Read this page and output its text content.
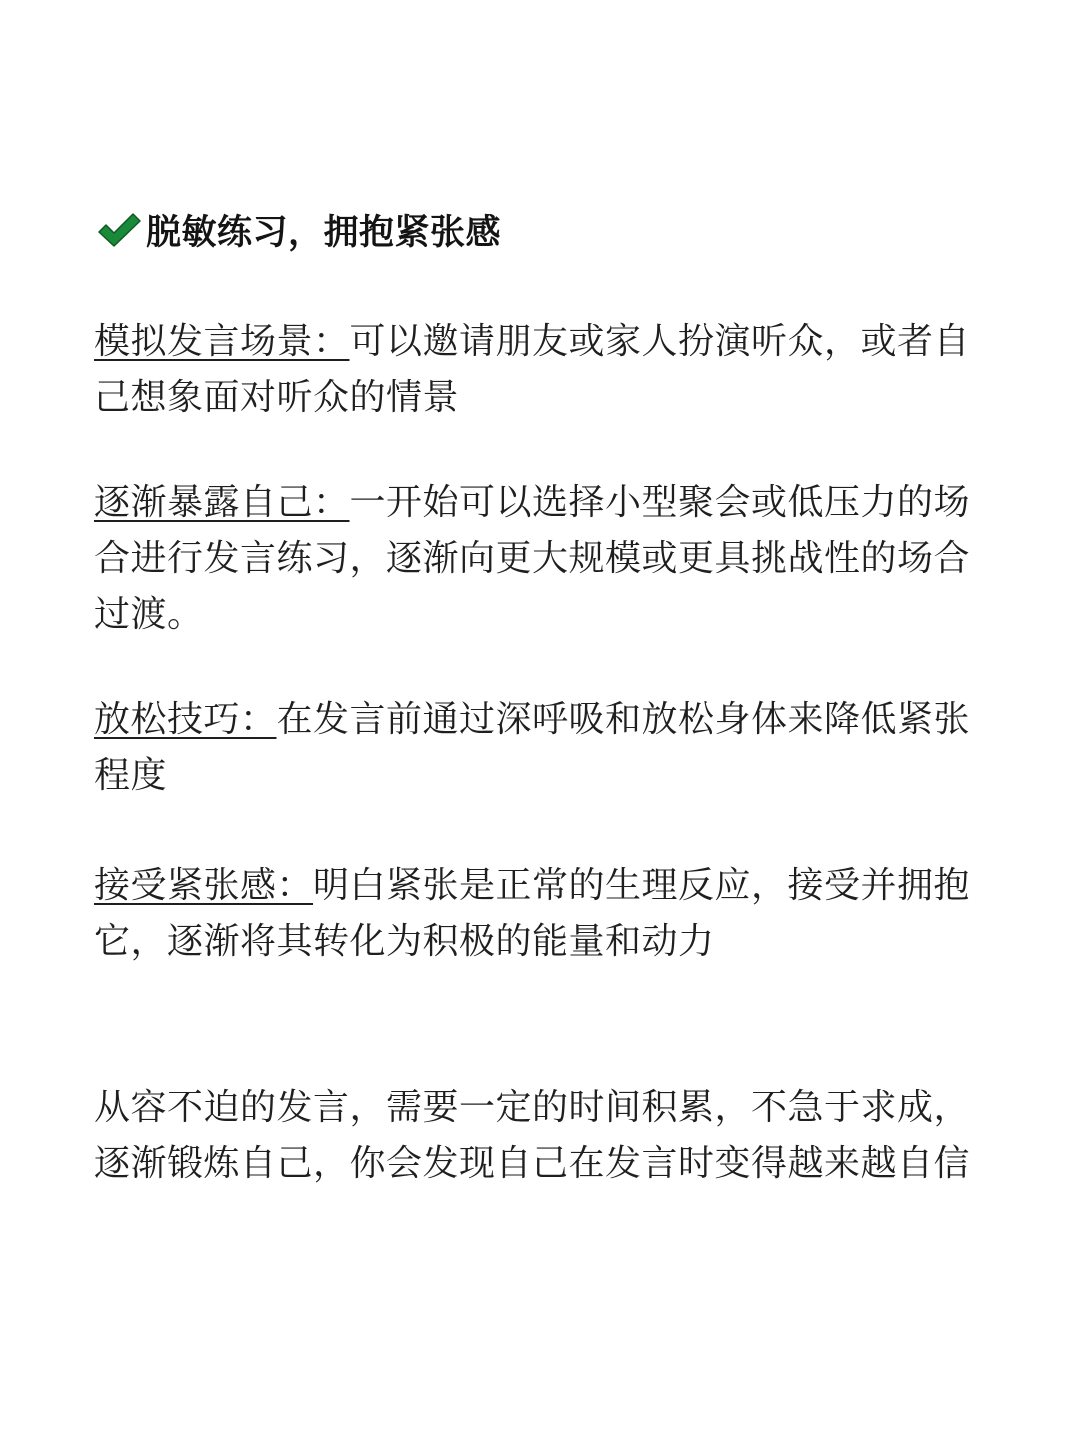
脱敏练习，拥抱紧张感
模拟发言场景：可以邀请朋友或家人扮演听众，或者自己想象面对听众的情景
逐渐暴露自己：一开始可以选择小型聚会或低压力的场合进行发言练习，逐渐向更大规模或更具挑战性的场合过渡。
放松技巧：在发言前通过深呼吸和放松身体来降低紧张程度
接受紧张感：明白紧张是正常的生理反应，接受并拥抱它，逐渐将其转化为积极的能量和动力
从容不迫的发言，需要一定的时间积累，不急于求成，逐渐锻炼自己，你会发现自己在发言时变得越来越自信
